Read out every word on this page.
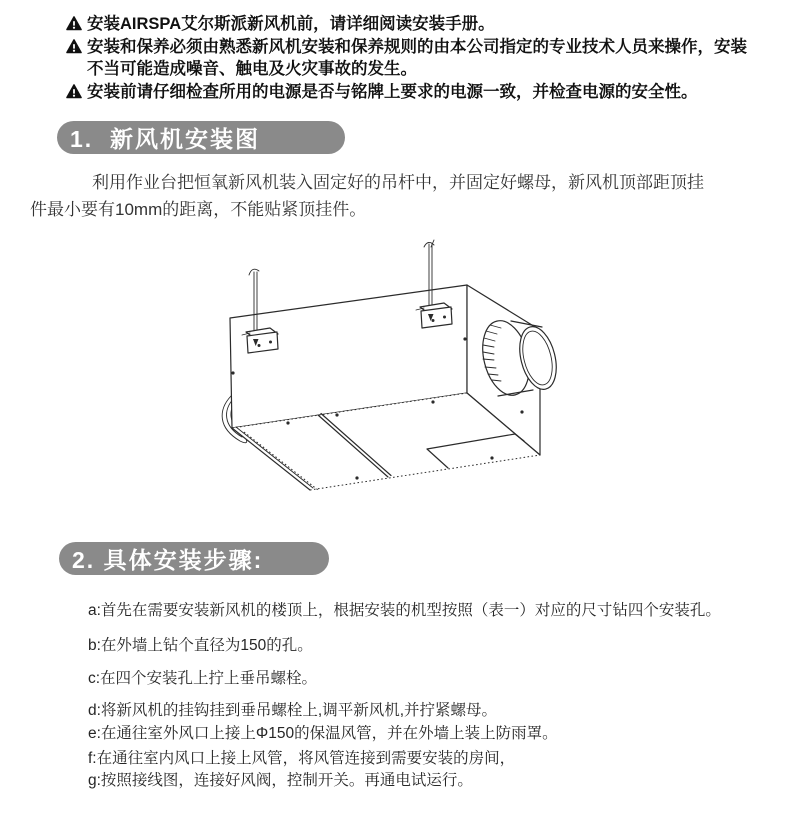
安装AIRSPA艾尔斯派新风机前，请详细阅读安装手册。
安装和保养必须由熟悉新风机安装和保养规则的由本公司指定的专业技术人员来操作，安装
不当可能造成噪音、触电及火灾事故的发生。
安装前请仔细检查所用的电源是否与铭牌上要求的电源一致，并检查电源的安全性。
1.  新风机安装图
利用作业台把恒氧新风机装入固定好的吊杆中，并固定好螺母，新风机顶部距顶挂
件最小要有10mm的距离，不能贴紧顶挂件。
2. 具体安装步骤:
a:首先在需要安装新风机的楼顶上，根据安装的机型按照（表一）对应的尺寸钻四个安装孔。
b:在外墙上钻个直径为150的孔。
c:在四个安装孔上拧上垂吊螺栓。
d:将新风机的挂钩挂到垂吊螺栓上,调平新风机,并拧紧螺母。
e:在通往室外风口上接上Φ150的保温风管，并在外墙上装上防雨罩。
f:在通往室内风口上接上风管，将风管连接到需要安装的房间，
g:按照接线图，连接好风阀，控制开关。再通电试运行。
